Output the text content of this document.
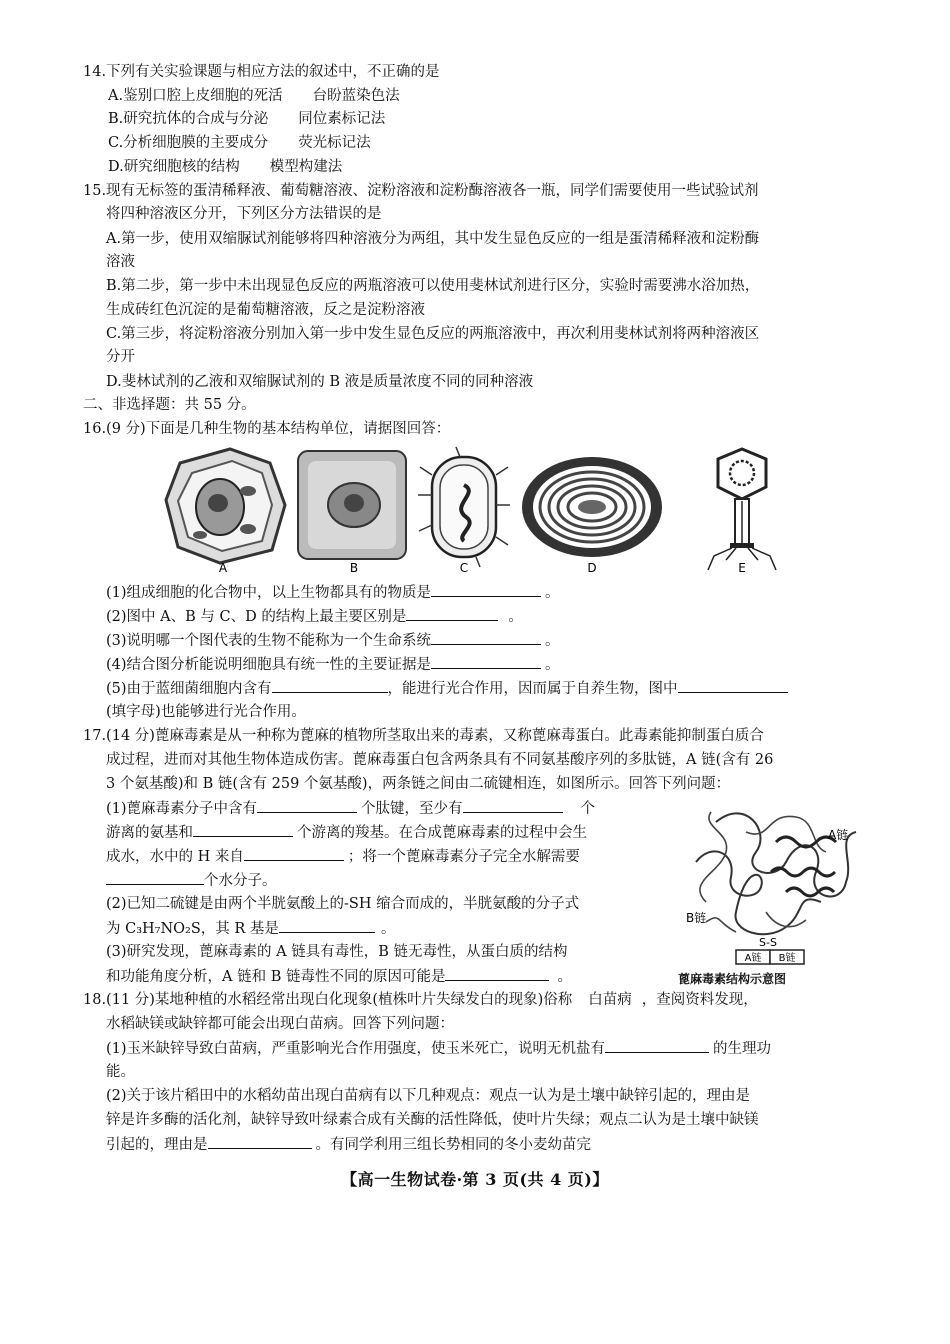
14.下列有关实验课题与相应方法的叙述中，不正确的是
A.鉴别口腔上皮细胞的死活 台盼蓝染色法
B.研究抗体的合成与分泌 同位素标记法
C.分析细胞膜的主要成分 荧光标记法
D.研究细胞核的结构 模型构建法
15.现有无标签的蛋清稀释液、葡萄糖溶液、淀粉溶液和淀粉酶溶液各一瓶，同学们需要使用一些试验试剂
将四种溶液区分开，下列区分方法错误的是
A.第一步，使用双缩脲试剂能够将四种溶液分为两组，其中发生显色反应的一组是蛋清稀释液和淀粉酶
溶液
B.第二步，第一步中未出现显色反应的两瓶溶液可以使用斐林试剂进行区分，实验时需要沸水浴加热，
生成砖红色沉淀的是葡萄糖溶液，反之是淀粉溶液
C.第三步，将淀粉溶液分别加入第一步中发生显色反应的两瓶溶液中，再次利用斐林试剂将两种溶液区
分开
D.斐林试剂的乙液和双缩脲试剂的 B 液是质量浓度不同的同种溶液
二、非选择题：共 55 分。
16.(9 分)下面是几种生物的基本结构单位，请据图回答：
A	B	C	D	E
(1)组成细胞的化合物中，以上生物都具有的物质是	。
(2)图中 A、B 与 C、D 的结构上最主要区别是	。
(3)说明哪一个图代表的生物不能称为一个生命系统	。
(4)结合图分析能说明细胞具有统一性的主要证据是	。
(5)由于蓝细菌细胞内含有	，能进行光合作用，因而属于自养生物，图中
(填字母)也能够进行光合作用。
17.(14 分)蓖麻毒素是从一种称为蓖麻的植物所茎取出来的毒素，又称蓖麻毒蛋白。此毒素能抑制蛋白质合
成过程，进而对其他生物体造成伤害。蓖麻毒蛋白包含两条具有不同氨基酸序列的多肽链，A 链(含有 26
3 个氨基酸)和 B 链(含有 259 个氨基酸)，两条链之间由二硫键相连，如图所示。回答下列问题：
(1)蓖麻毒素分子中含有	个肽键，至少有	个
游离的氨基和	个游离的羧基。在合成蓖麻毒素的过程中会生
成水，水中的 H 来自	；将一个蓖麻毒素分子完全水解需要
个水分子。
(2)已知二硫键是由两个半胱氨酸上的-SH 缩合而成的，半胱氨酸的分子式
为 C₃H₇NO₂S，其 R 基是	。
(3)研究发现，蓖麻毒素的 A 链具有毒性，B 链无毒性，从蛋白质的结构
和功能角度分析，A 链和 B 链毒性不同的原因可能是	。
A链
B链
S-S
A链 B链
蓖麻毒素结构示意图
18.(11 分)某地种植的水稻经常出现白化现象(植株叶片失绿发白的现象)俗称 白苗病 ，查阅资料发现，
水稻缺镁或缺锌都可能会出现白苗病。回答下列问题：
(1)玉米缺锌导致白苗病，严重影响光合作用强度，使玉米死亡，说明无机盐有	的生理功
能。
(2)关于该片稻田中的水稻幼苗出现白苗病有以下几种观点：观点一认为是土壤中缺锌引起的，理由是
锌是许多酶的活化剂，缺锌导致叶绿素合成有关酶的活性降低，使叶片失绿；观点二认为是土壤中缺镁
引起的，理由是	。有同学利用三组长势相同的冬小麦幼苗完
【高一生物试卷·第 3 页(共 4 页)】
